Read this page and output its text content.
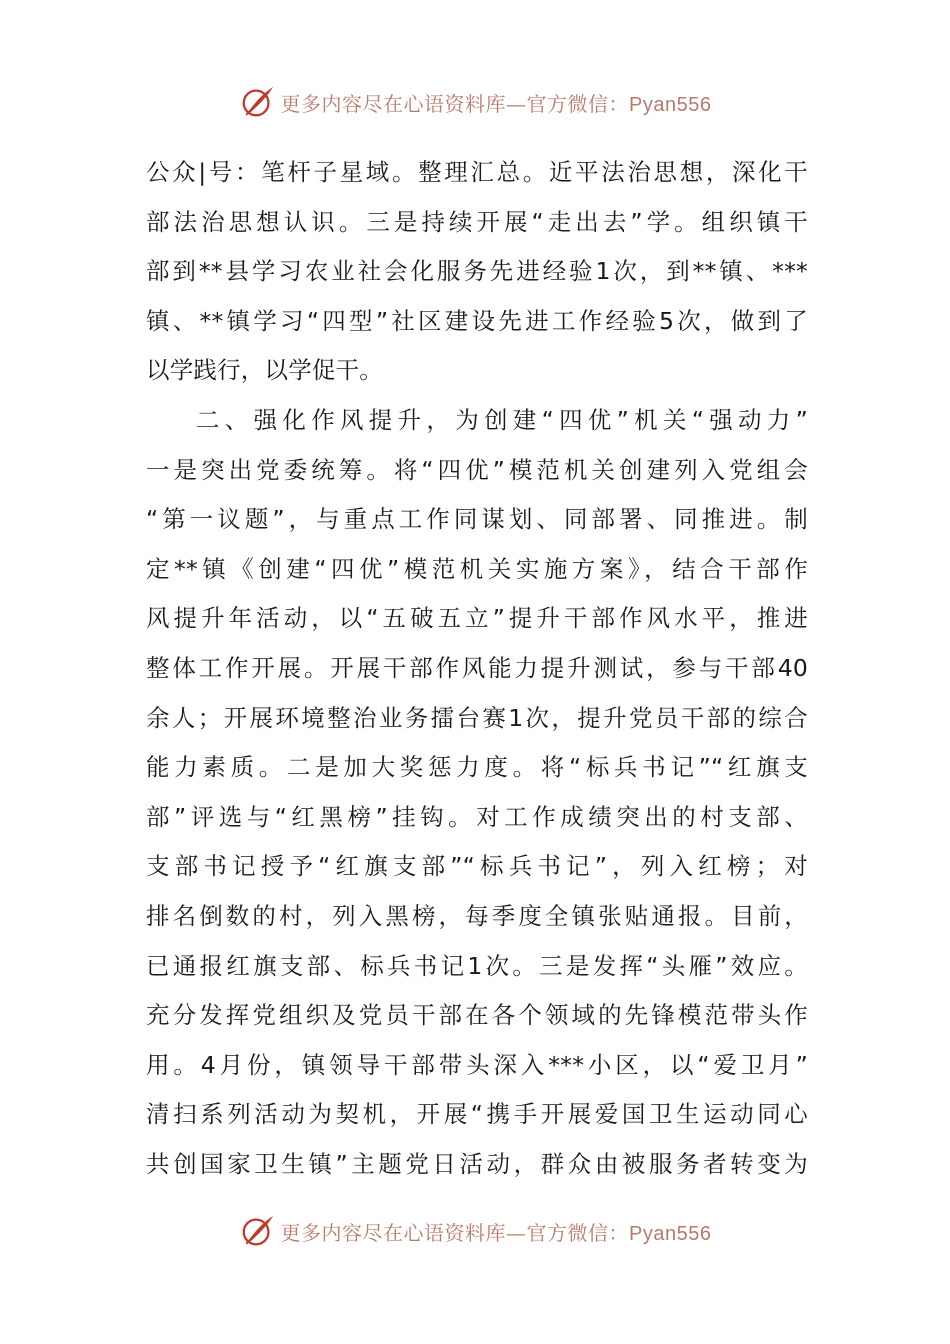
更多内容尽在心语资料库—官方微信：Pyan556
公众|号：笔杆子星域。整理汇总。近平法治思想，深化干
部法治思想认识。三是持续开展“走出去”学。组织镇干
部到**县学习农业社会化服务先进经验1次，到**镇、***
镇、**镇学习“四型”社区建设先进工作经验5次，做到了
以学践行，以学促干。
二、强化作风提升，为创建“四优”机关“强动力”
一是突出党委统筹。将“四优”模范机关创建列入党组会
“第一议题”，与重点工作同谋划、同部署、同推进。制
定**镇《创建“四优”模范机关实施方案》，结合干部作
风提升年活动，以“五破五立”提升干部作风水平，推进
整体工作开展。开展干部作风能力提升测试，参与干部40
余人；开展环境整治业务擂台赛1次，提升党员干部的综合
能力素质。二是加大奖惩力度。将“标兵书记”“红旗支
部”评选与“红黑榜”挂钩。对工作成绩突出的村支部、
支部书记授予“红旗支部”“标兵书记”，列入红榜；对
排名倒数的村，列入黑榜，每季度全镇张贴通报。目前，
已通报红旗支部、标兵书记1次。三是发挥“头雁”效应。
充分发挥党组织及党员干部在各个领域的先锋模范带头作
用。4月份，镇领导干部带头深入***小区，以“爱卫月”
清扫系列活动为契机，开展“携手开展爱国卫生运动同心
共创国家卫生镇”主题党日活动，群众由被服务者转变为
更多内容尽在心语资料库—官方微信：Pyan556
